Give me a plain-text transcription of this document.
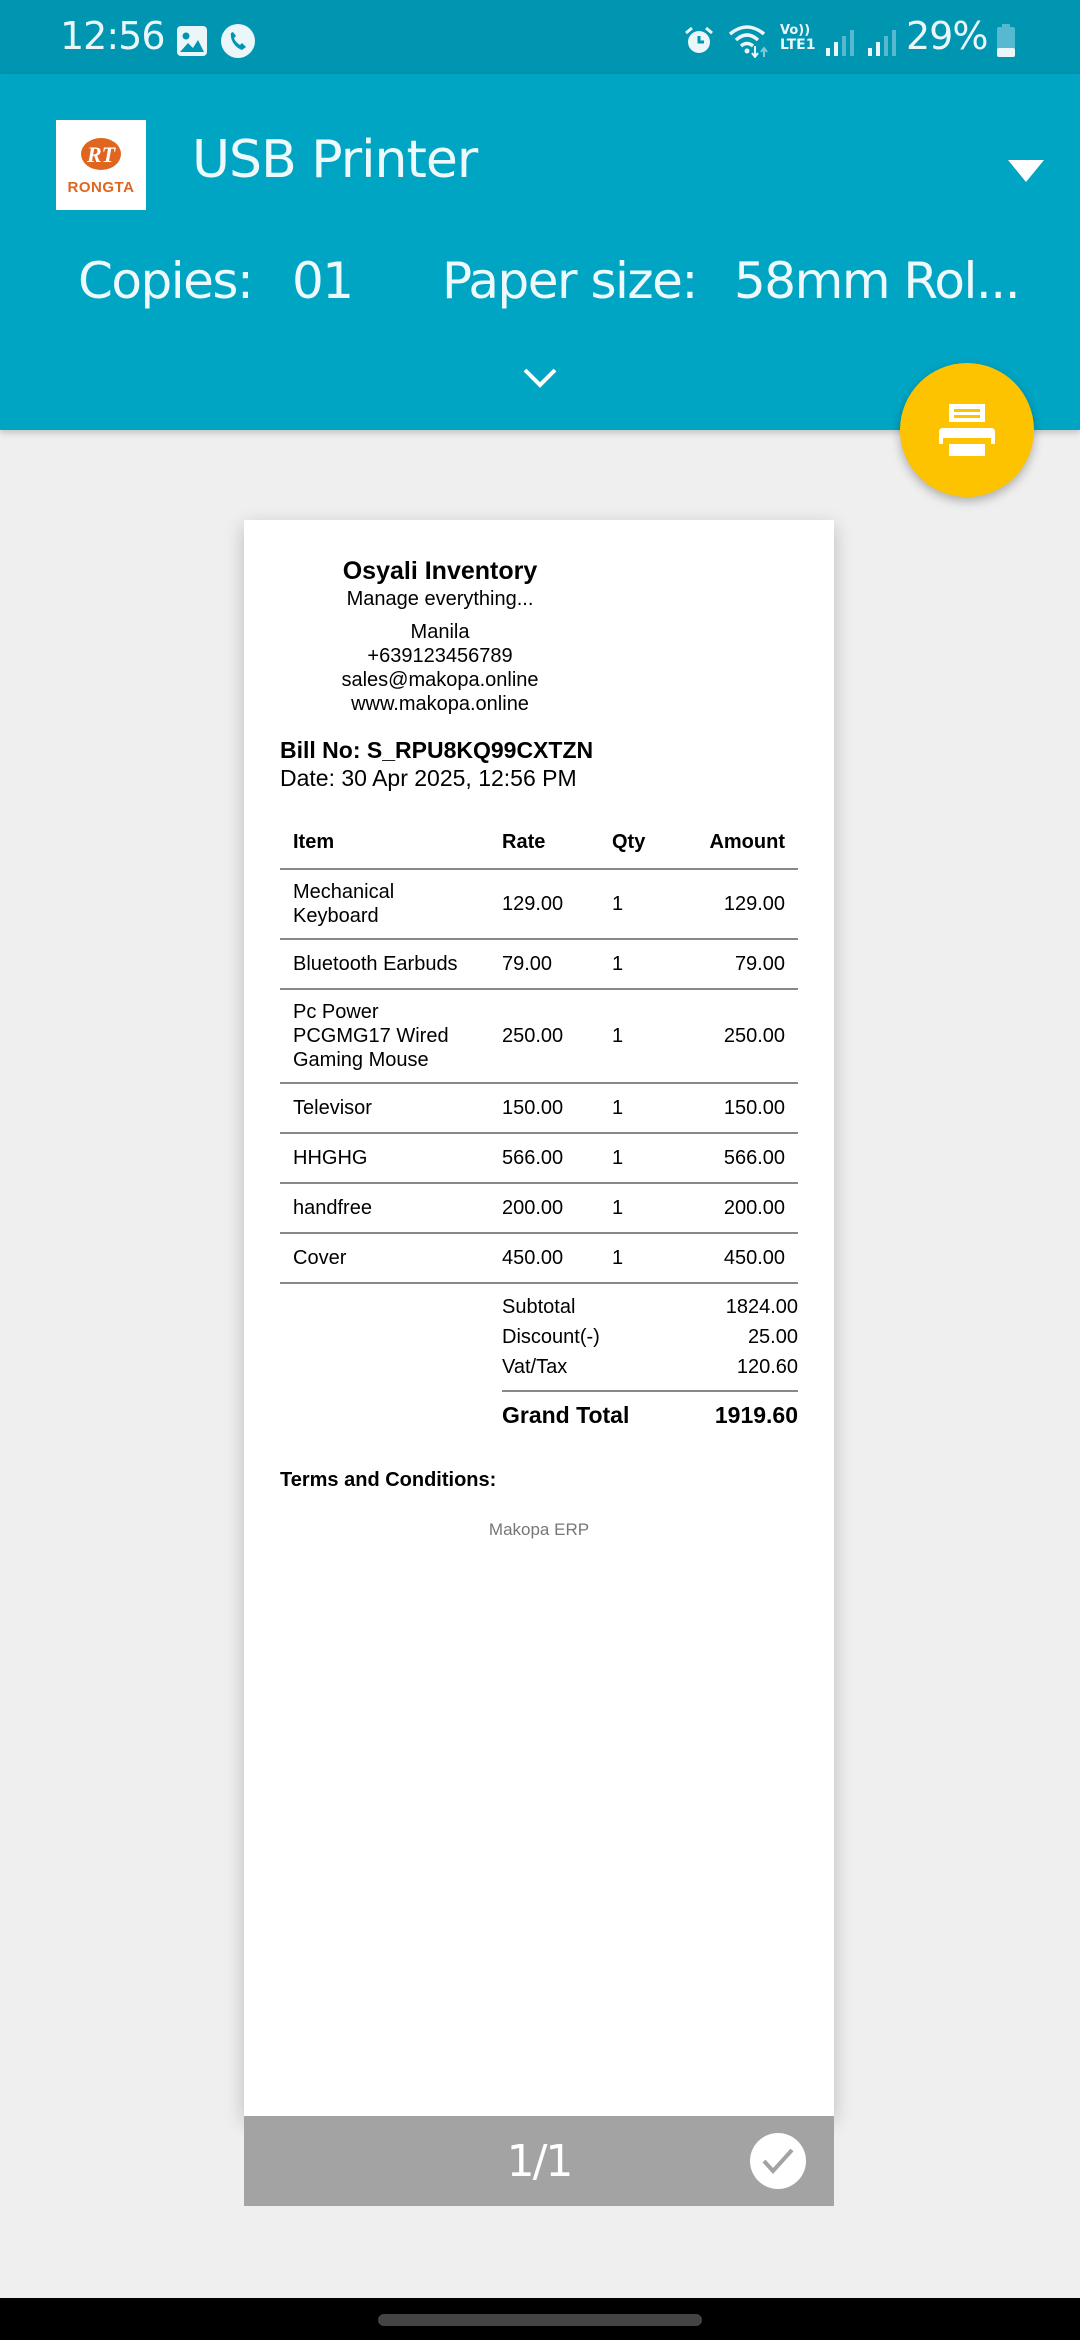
12:56	Vo))
LTE1 29%
RT
RONGTA USB Printer
Copies: 01 Paper size: 58mm Rol...
Osyali Inventory
Manage everything...
Manila
+639123456789
sales@makopa.online
www.makopa.online
Bill No: S_RPU8KQ99CXTZN
Date: 30 Apr 2025, 12:56 PM
Item	Rate	Qty	Amount
Mechanical Keyboard	129.00	1	129.00
Bluetooth Earbuds	79.00	1	79.00
Pc Power PCGMG17 Wired Gaming Mouse	250.00	1	250.00
Televisor	150.00	1	150.00
HHGHG	566.00	1	566.00
handfree	200.00	1	200.00
Cover	450.00	1	450.00
Subtotal	1824.00
Discount(-)	25.00
Vat/Tax	120.60
Grand Total	1919.60
Terms and Conditions:
Makopa ERP
1/1
